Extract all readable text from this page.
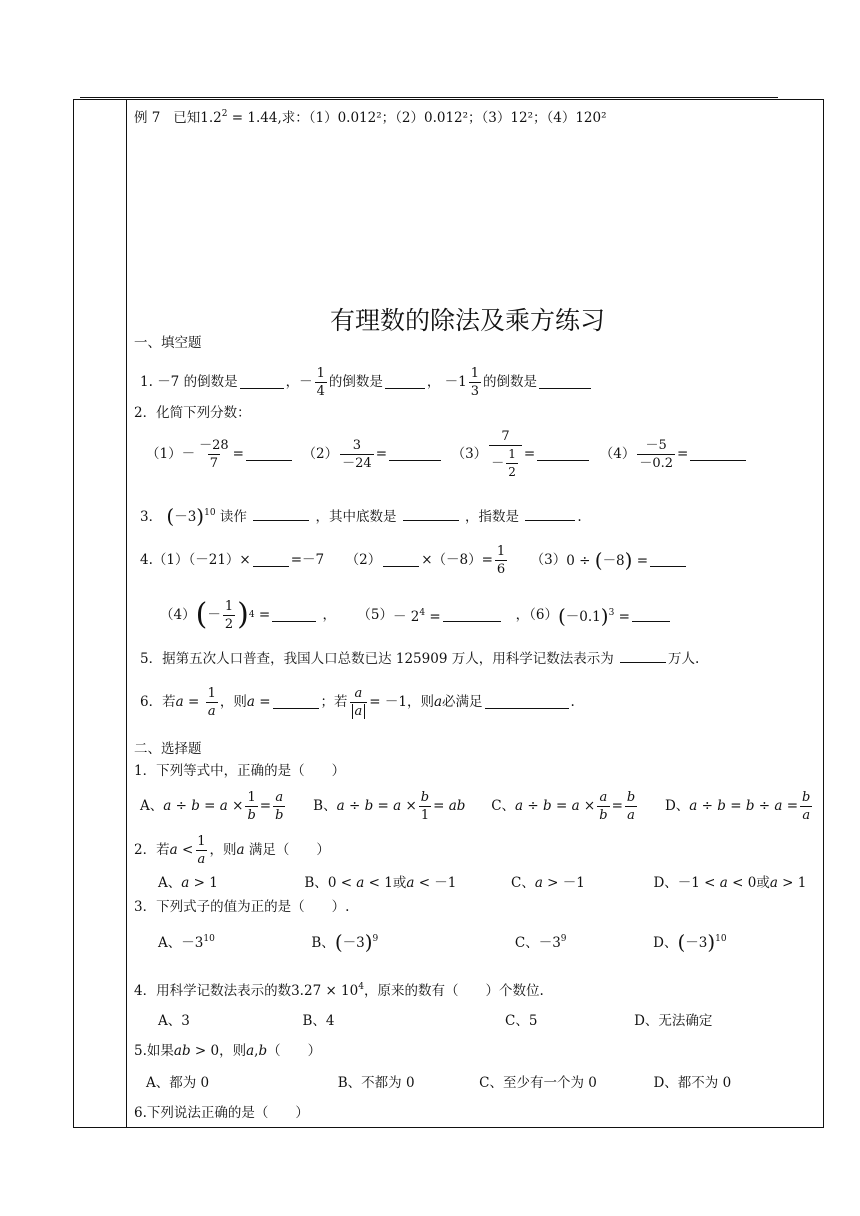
例 7 已知$1.2^2 = 1.44$,求：（1）0.012²；（2）0.012²；（3）12²；（4）120²
有理数的除法及乘方练习
一、填空题
1.
－7 的倒数是	， － $\frac{1}{4}$ 的倒数是	， $-1 \frac{1}{3}$ 的倒数是
2．化简下列分数：
$(1) - \frac{-28}{7}$ =
	$(2) \frac{3}{-24}$ =
	$(3) \frac{7}{- \frac{1}{2}}$ =
	$(4) \frac{-5}{-0.2}$ =
3． $(-3)^{10}$ 读作	，其中底数是	，指数是	.
4. （1）（－21）×	=－7
（2）	$\times(-8)= \frac{1}{6}$
（3） 0 ÷ (－8) =
（4） ( － $\frac{1}{2}$ ) 4
=	， $(5) - 2^4$ =
	，（6） $(-0.1)^3$ =
5．据第五次人口普查，我国人口总数已达 125909 万人，用科学记数法表示为	万人.
6．若 $a = \frac{1}{a}$ ，则 a =	；若 $\frac{a}{a} = -1$ ，则 a 必满足	.
二、选择题
1．下列等式中，正确的是（　　）
A、 $a \div b = a \times \frac{1}{b} = \frac{a}{b}$
B、 $a \div b = a \times \frac{b}{1}$ = ab
C、 $a \div b = a \times \frac{a}{b} = \frac{b}{a}$
D、 $a \div b = b \div a = \frac{b}{a}$
2．若 $a < \frac{1}{a}$ ，则 a
满足（　　）
A、a > 1	B、0 < a < 1或a < －1	C、a > －1	D、－1 < a < 0或a > 1
3．下列式子的值为正的是（　　）.
A、$-3^{10}$	B、$(-3)^9$	C、$-3^9$	D、$(-3)^{10}$
4．用科学记数法表示的数$3.27 \times 10^4$，原来的数有（　　）个数位.
A、3	B、4	C、5	D、无法确定
5.如果ab > 0，则a,b（　　）
A、都为 0	B、不都为 0	C、至少有一个为 0	D、都不为 0
6.下列说法正确的是（　　）
